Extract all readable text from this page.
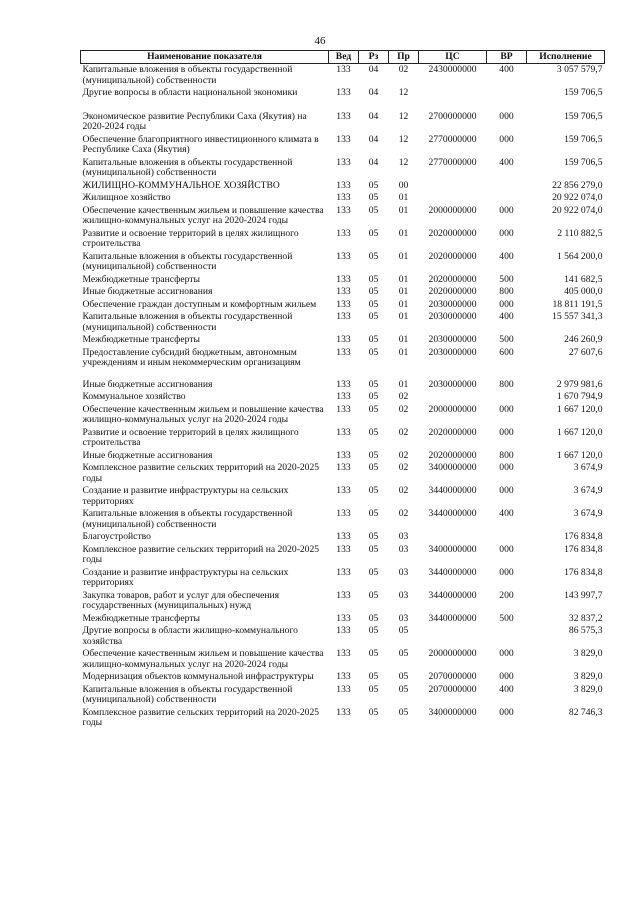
46
Наименование показателя	Вед	Рз	Пр	ЦС	ВР	Исполнение
Капитальные вложения в объекты государственной (муниципальной) собственности	133	04	02	2430000000	400	3 057 579,7
Другие вопросы в области национальной экономики	133	04	12			159 706,5
Экономическое развитие Республики Саха (Якутия) на 2020-2024 годы	133	04	12	2700000000	000	159 706,5
Обеспечение благоприятного инвестиционного климата в Республике Саха (Якутия)	133	04	12	2770000000	000	159 706,5
Капитальные вложения в объекты государственной (муниципальной) собственности	133	04	12	2770000000	400	159 706,5
ЖИЛИЩНО-КОММУНАЛЬНОЕ ХОЗЯЙСТВО	133	05	00			22 856 279,0
Жилищное хозяйство	133	05	01			20 922 074,0
Обеспечение качественным жильем и повышение качества жилищно-коммунальных услуг на 2020-2024 годы	133	05	01	2000000000	000	20 922 074,0
Развитие и освоение территорий в целях жилищного строительства	133	05	01	2020000000	000	2 110 882,5
Капитальные вложения в объекты государственной (муниципальной) собственности	133	05	01	2020000000	400	1 564 200,0
Межбюджетные трансферты	133	05	01	2020000000	500	141 682,5
Иные бюджетные ассигнования	133	05	01	2020000000	800	405 000,0
Обеспечение граждан доступным и комфортным жильем	133	05	01	2030000000	000	18 811 191,5
Капитальные вложения в объекты государственной (муниципальной) собственности	133	05	01	2030000000	400	15 557 341,3
Межбюджетные трансферты	133	05	01	2030000000	500	246 260,9
Предоставление субсидий бюджетным, автономным учреждениям и иным некоммерческим организациям	133	05	01	2030000000	600	27 607,6
Иные бюджетные ассигнования	133	05	01	2030000000	800	2 979 981,6
Коммунальное хозяйство	133	05	02			1 670 794,9
Обеспечение качественным жильем и повышение качества жилищно-коммунальных услуг на 2020-2024 годы	133	05	02	2000000000	000	1 667 120,0
Развитие и освоение территорий в целях жилищного строительства	133	05	02	2020000000	000	1 667 120,0
Иные бюджетные ассигнования	133	05	02	2020000000	800	1 667 120,0
Комплексное развитие сельских территорий на 2020-2025 годы	133	05	02	3400000000	000	3 674,9
Создание и развитие инфраструктуры на сельских территориях	133	05	02	3440000000	000	3 674,9
Капитальные вложения в объекты государственной (муниципальной) собственности	133	05	02	3440000000	400	3 674,9
Благоустройство	133	05	03			176 834,8
Комплексное развитие сельских территорий на 2020-2025 годы	133	05	03	3400000000	000	176 834,8
Создание и развитие инфраструктуры на сельских территориях	133	05	03	3440000000	000	176 834,8
Закупка товаров, работ и услуг для обеспечения государственных (муниципальных) нужд	133	05	03	3440000000	200	143 997,7
Межбюджетные трансферты	133	05	03	3440000000	500	32 837,2
Другие вопросы в области жилищно-коммунального хозяйства	133	05	05			86 575,3
Обеспечение качественным жильем и повышение качества жилищно-коммунальных услуг на 2020-2024 годы	133	05	05	2000000000	000	3 829,0
Модернизация объектов коммунальной инфраструктуры	133	05	05	2070000000	000	3 829,0
Капитальные вложения в объекты государственной (муниципальной) собственности	133	05	05	2070000000	400	3 829,0
Комплексное развитие сельских территорий на 2020-2025 годы	133	05	05	3400000000	000	82 746,3
